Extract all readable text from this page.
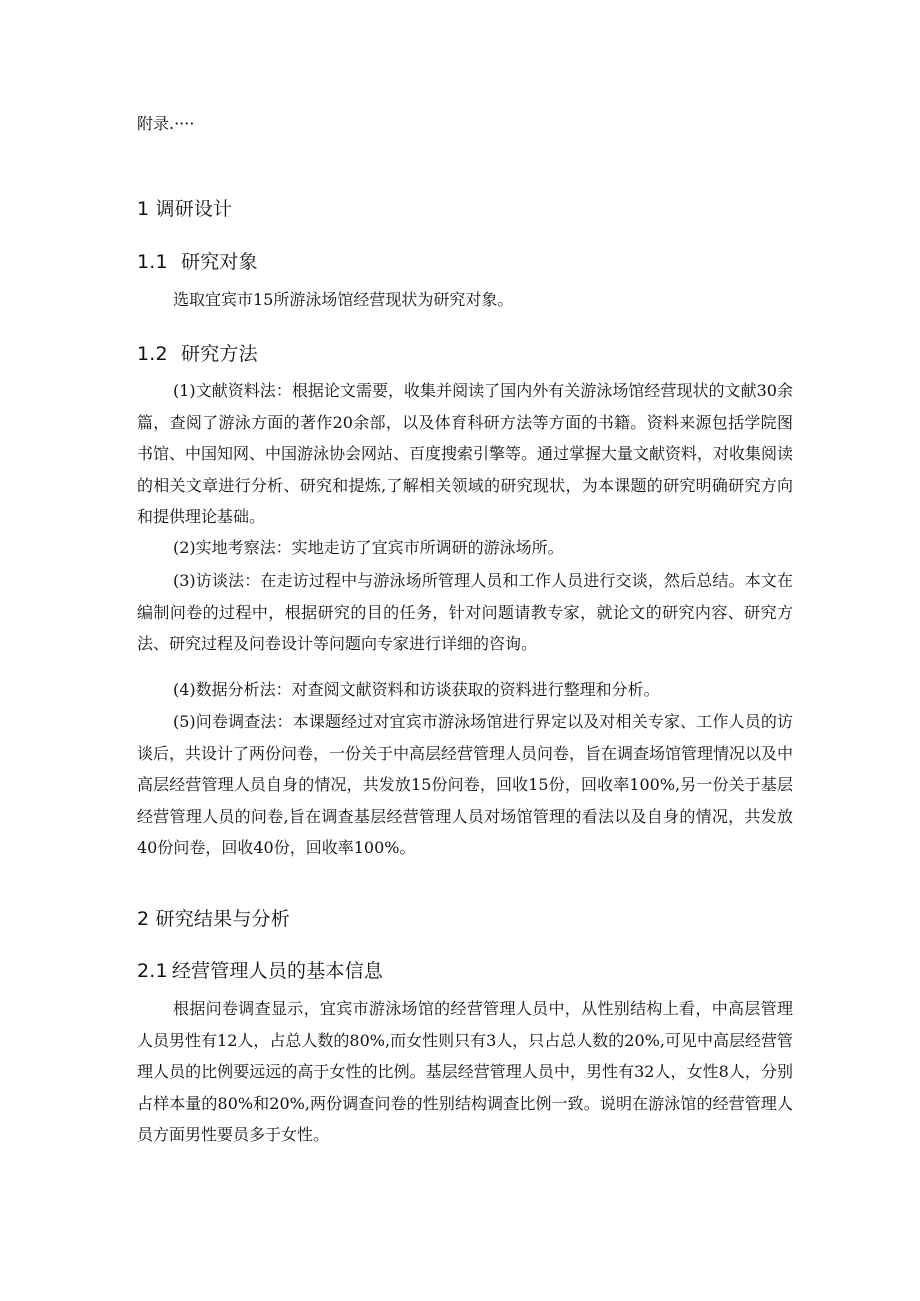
附录.····
1 调研设计
1.1 研究对象

选取宜宾市15所游泳场馆经营现状为研究对象。

1.2 研究方法

(1)文献资料法：根据论文需要，收集并阅读了国内外有关游泳场馆经营现状的文献30余篇，查阅了游泳方面的著作20余部，以及体育科研方法等方面的书籍。资料来源包括学院图书馆、中国知网、中国游泳协会网站、百度搜索引擎等。通过掌握大量文献资料，对收集阅读的相关文章进行分析、研究和提炼,了解相关领域的研究现状，为本课题的研究明确研究方向和提供理论基础。

(2)实地考察法：实地走访了宜宾市所调研的游泳场所。

(3)访谈法：在走访过程中与游泳场所管理人员和工作人员进行交谈，然后总结。本文在编制问卷的过程中，根据研究的目的任务，针对问题请教专家，就论文的研究内容、研究方法、研究过程及问卷设计等问题向专家进行详细的咨询。

(4)数据分析法：对查阅文献资料和访谈获取的资料进行整理和分析。

(5)问卷调查法：本课题经过对宜宾市游泳场馆进行界定以及对相关专家、工作人员的访谈后，共设计了两份问卷，一份关于中高层经营管理人员问卷，旨在调查场馆管理情况以及中高层经营管理人员自身的情况，共发放15份问卷，回收15份，回收率100%,另一份关于基层经营管理人员的问卷,旨在调查基层经营管理人员对场馆管理的看法以及自身的情况，共发放40份问卷，回收40份，回收率100%。

2 研究结果与分析
2.1 经营管理人员的基本信息

根据问卷调查显示，宜宾市游泳场馆的经营管理人员中，从性别结构上看，中高层管理人员男性有12人，占总人数的80%,而女性则只有3人，只占总人数的20%,可见中高层经营管理人员的比例要远远的高于女性的比例。基层经营管理人员中，男性有32人，女性8人，分别占样本量的80%和20%,两份调查问卷的性别结构调查比例一致。说明在游泳馆的经营管理人员方面男性要员多于女性。
